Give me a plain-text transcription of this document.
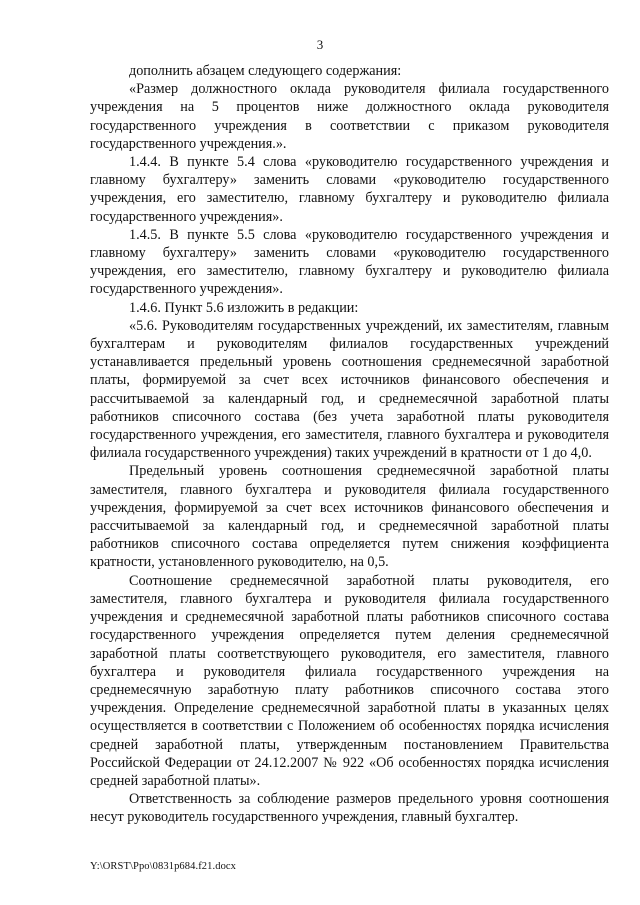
3

дополнить абзацем следующего содержания:

«Размер должностного оклада руководителя филиала государственного учреждения на 5 процентов ниже должностного оклада руководителя государственного учреждения в соответствии с приказом руководителя государственного учреждения.».

1.4.4. В пункте 5.4 слова «руководителю государственного учреждения и главному бухгалтеру» заменить словами «руководителю государственного учреждения, его заместителю, главному бухгалтеру и руководителю филиала государственного учреждения».

1.4.5. В пункте 5.5 слова «руководителю государственного учреждения и главному бухгалтеру» заменить словами «руководителю государственного учреждения, его заместителю, главному бухгалтеру и руководителю филиала государственного учреждения».

1.4.6. Пункт 5.6 изложить в редакции:

«5.6. Руководителям государственных учреждений, их заместителям, главным бухгалтерам и руководителям филиалов государственных учреждений устанавливается предельный уровень соотношения среднемесячной заработной платы, формируемой за счет всех источников финансового обеспечения и рассчитываемой за календарный год, и среднемесячной заработной платы работников списочного состава (без учета заработной платы руководителя государственного учреждения, его заместителя, главного бухгалтера и руководителя филиала государственного учреждения) таких учреждений в кратности от 1 до 4,0.

Предельный уровень соотношения среднемесячной заработной платы заместителя, главного бухгалтера и руководителя филиала государственного учреждения, формируемой за счет всех источников финансового обеспечения и рассчитываемой за календарный год, и среднемесячной заработной платы работников списочного состава определяется путем снижения коэффициента кратности, установленного руководителю, на 0,5.

Соотношение среднемесячной заработной платы руководителя, его заместителя, главного бухгалтера и руководителя филиала государственного учреждения и среднемесячной заработной платы работников списочного состава государственного учреждения определяется путем деления среднемесячной заработной платы соответствующего руководителя, его заместителя, главного бухгалтера и руководителя филиала государственного учреждения на среднемесячную заработную плату работников списочного состава этого учреждения. Определение среднемесячной заработной платы в указанных целях осуществляется в соответствии с Положением об особенностях порядка исчисления средней заработной платы, утвержденным постановлением Правительства Российской Федерации от 24.12.2007 № 922 «Об особенностях порядка исчисления средней заработной платы».

Ответственность за соблюдение размеров предельного уровня соотношения несут руководитель государственного учреждения, главный бухгалтер.

Y:\ORST\Ppo\0831p684.f21.docx
